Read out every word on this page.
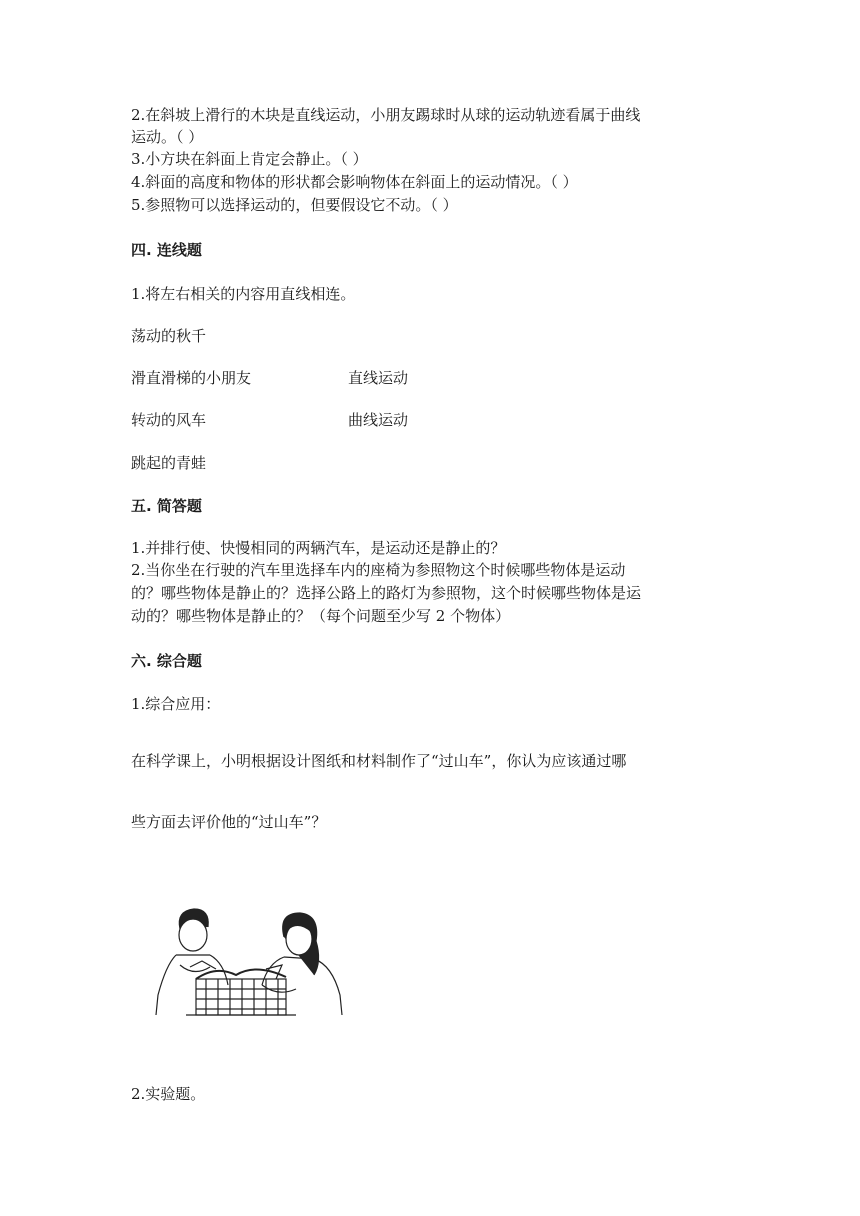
2.在斜坡上滑行的木块是直线运动，小朋友踢球时从球的运动轨迹看属于曲线
运动。（ ）
3.小方块在斜面上肯定会静止。（ ）
4.斜面的高度和物体的形状都会影响物体在斜面上的运动情况。（ ）
5.参照物可以选择运动的，但要假设它不动。（ ）
四. 连线题
1.将左右相关的内容用直线相连。
荡动的秋千
滑直滑梯的小朋友
转动的风车
跳起的青蛙
直线运动
曲线运动
五. 简答题
1.并排行使、快慢相同的两辆汽车，是运动还是静止的？
2.当你坐在行驶的汽车里选择车内的座椅为参照物这个时候哪些物体是运动
的？哪些物体是静止的？选择公路上的路灯为参照物，这个时候哪些物体是运
动的？哪些物体是静止的？（每个问题至少写 2 个物体）
六. 综合题
1.综合应用：
在科学课上，小明根据设计图纸和材料制作了“过山车”，你认为应该通过哪
些方面去评价他的“过山车”？
2.实验题。
